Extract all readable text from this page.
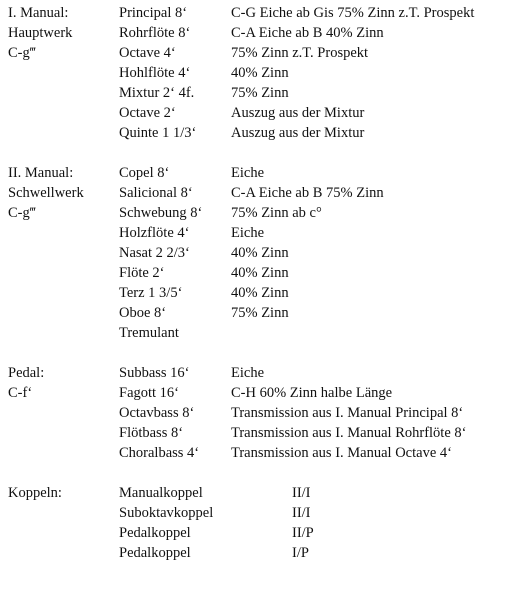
I. Manual:
Hauptwerk
C-g‴
Principal 8‘	C-G Eiche ab Gis 75% Zinn z.T. Prospekt
Rohrflöte 8‘	C-A Eiche ab B 40% Zinn
Octave 4‘	75% Zinn z.T. Prospekt
Hohlflöte 4‘	40% Zinn
Mixtur 2‘ 4f.	75% Zinn
Octave 2‘	Auszug aus der Mixtur
Quinte 1 1/3‘ Auszug aus der Mixtur
II. Manual:
Schwellwerk
C-g‴
Copel 8‘	Eiche
Salicional 8‘	C-A Eiche ab B 75% Zinn
Schwebung 8‘ 75% Zinn ab c°
Holzflöte 4‘	Eiche
Nasat 2 2/3‘	40% Zinn
Flöte 2‘	40% Zinn
Terz 1 3/5‘	40% Zinn
Oboe 8‘	75% Zinn
Tremulant
Pedal:
C-f‘
Subbass 16‘	Eiche
Fagott 16‘	C-H 60% Zinn halbe Länge
Octavbass 8‘	Transmission aus I. Manual Principal 8‘
Flötbass 8‘	Transmission aus I. Manual Rohrflöte 8‘
Choralbass 4‘ Transmission aus I. Manual Octave 4‘
Koppeln:	Manualkoppel	II/I
Suboktavkoppel	II/I
Pedalkoppel	II/P
Pedalkoppel	I/P
